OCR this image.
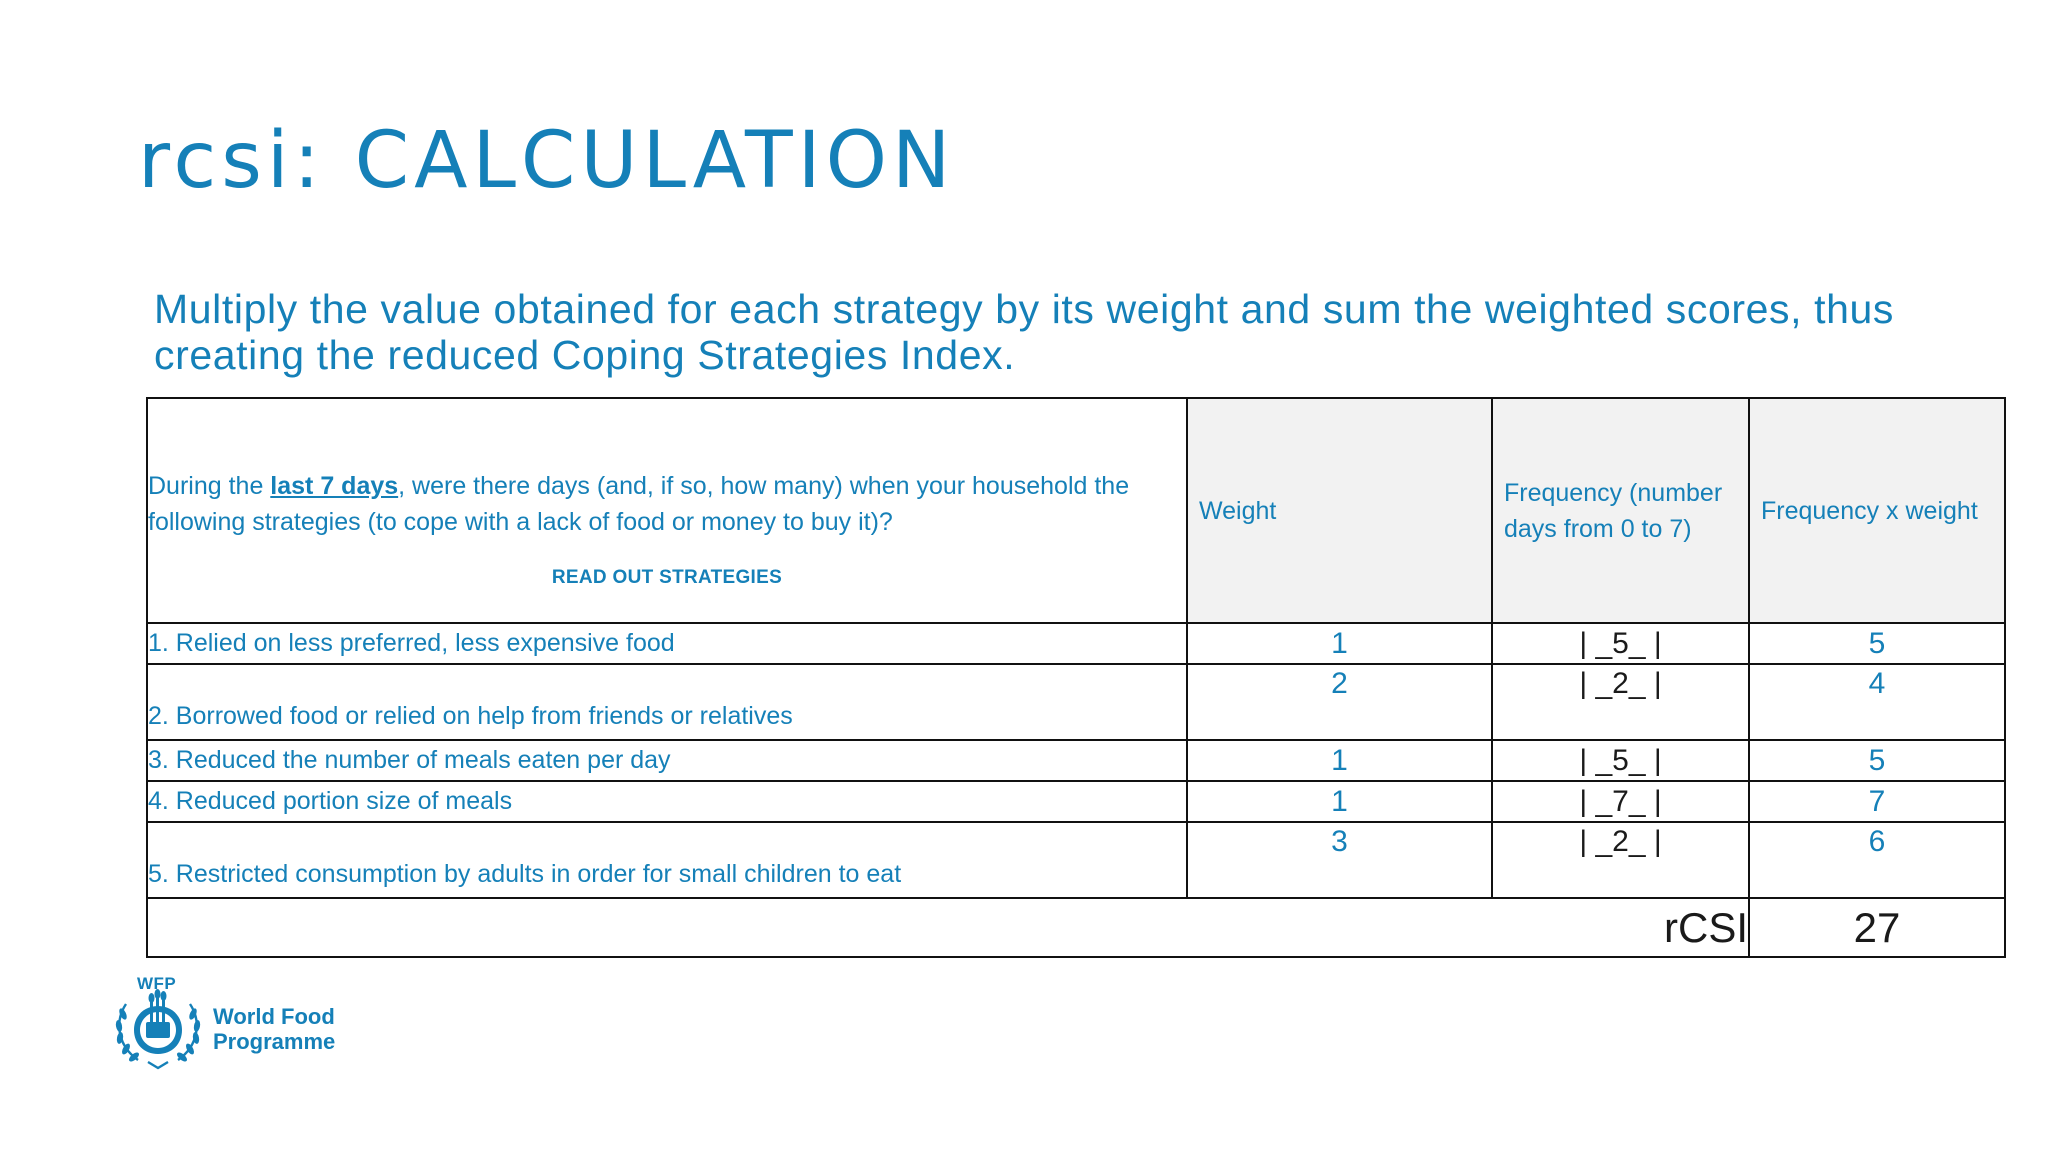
rcsi: CALCULATION
Multiply the value obtained for each strategy by its weight and sum the weighted scores, thus creating the reduced Coping Strategies Index.
During the last 7 days, were there days (and, if so, how many) when your household the following strategies (to cope with a lack of food or money to buy it)?
READ OUT STRATEGIES	Weight	Frequency (number days from 0 to 7)	Frequency x weight
1. Relied on less preferred, less expensive food	1	| _5_ |	5
2. Borrowed food or relied on help from friends or relatives	2	| _2_ |	4
3. Reduced the number of meals eaten per day	1	| _5_ |	5
4. Reduced portion size of meals	1	| _7_ |	7
5. Restricted consumption by adults in order for small children to eat	3	| _2_ |	6
rCSI			27
WFP
World Food
Programme
